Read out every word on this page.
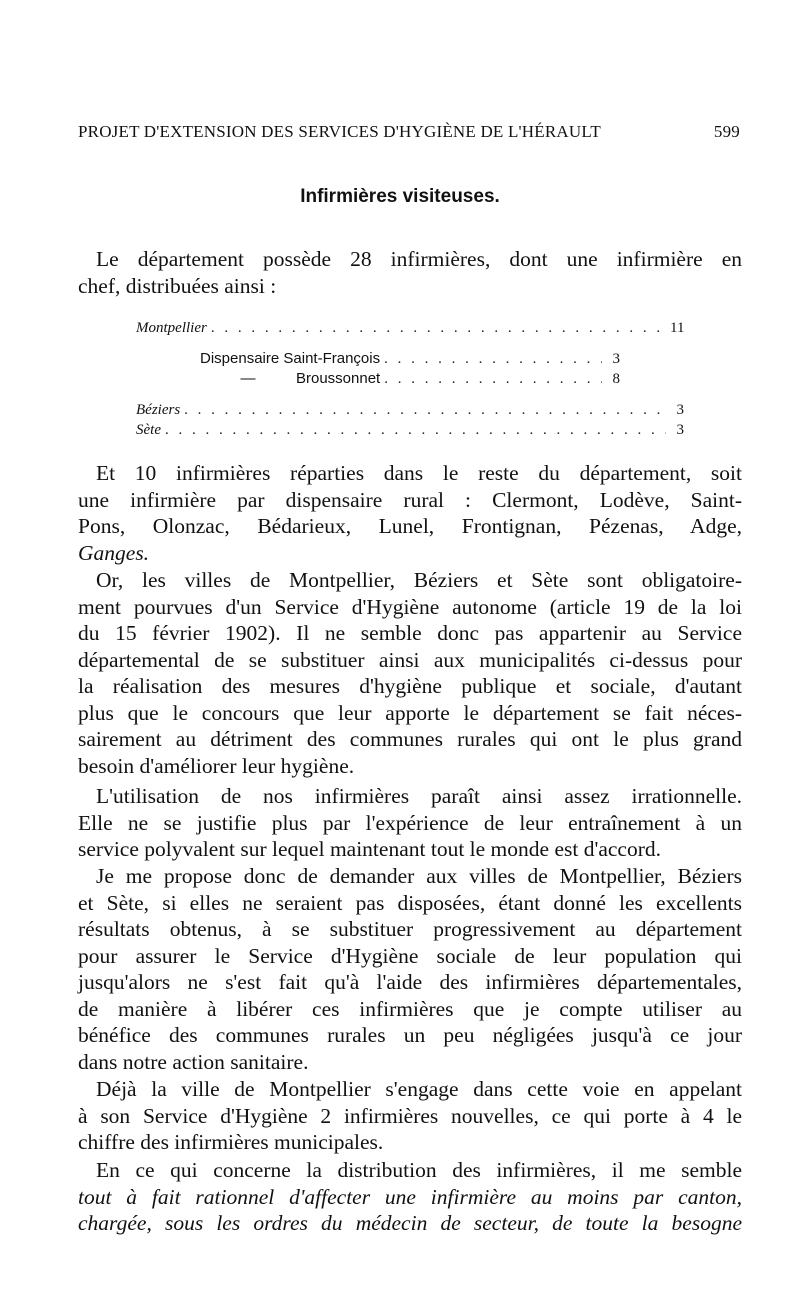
PROJET D'EXTENSION DES SERVICES D'HYGIÈNE DE L'HÉRAULT	599
Infirmières visiteuses.
Le département possède 28 infirmières, dont une infirmière en
chef, distribuées ainsi :
Montpellier . . .	11
Dispensaire Saint-François . . .	3
—	Broussonnet . . .	8
Béziers . . .	3
Sète . . .	3
Et 10 infirmières réparties dans le reste du département, soit
une infirmière par dispensaire rural : Clermont, Lodève, Saint-
Pons, Olonzac, Bédarieux, Lunel, Frontignan, Pézenas, Adge,
Ganges.
Or, les villes de Montpellier, Béziers et Sète sont obligatoire-
ment pourvues d'un Service d'Hygiène autonome (article 19 de la loi
du 15 février 1902). Il ne semble donc pas appartenir au Service
départemental de se substituer ainsi aux municipalités ci-dessus pour
la réalisation des mesures d'hygiène publique et sociale, d'autant
plus que le concours que leur apporte le département se fait néces-
sairement au détriment des communes rurales qui ont le plus grand
besoin d'améliorer leur hygiène.
L'utilisation de nos infirmières paraît ainsi assez irrationnelle.
Elle ne se justifie plus par l'expérience de leur entraînement à un
service polyvalent sur lequel maintenant tout le monde est d'accord.
Je me propose donc de demander aux villes de Montpellier, Béziers
et Sète, si elles ne seraient pas disposées, étant donné les excellents
résultats obtenus, à se substituer progressivement au département
pour assurer le Service d'Hygiène sociale de leur population qui
jusqu'alors ne s'est fait qu'à l'aide des infirmières départementales,
de manière à libérer ces infirmières que je compte utiliser au
bénéfice des communes rurales un peu négligées jusqu'à ce jour
dans notre action sanitaire.
Déjà la ville de Montpellier s'engage dans cette voie en appelant
à son Service d'Hygiène 2 infirmières nouvelles, ce qui porte à 4 le
chiffre des infirmières municipales.
En ce qui concerne la distribution des infirmières, il me semble
tout à fait rationnel d'affecter une infirmière au moins par canton,
chargée, sous les ordres du médecin de secteur, de toute la besogne
